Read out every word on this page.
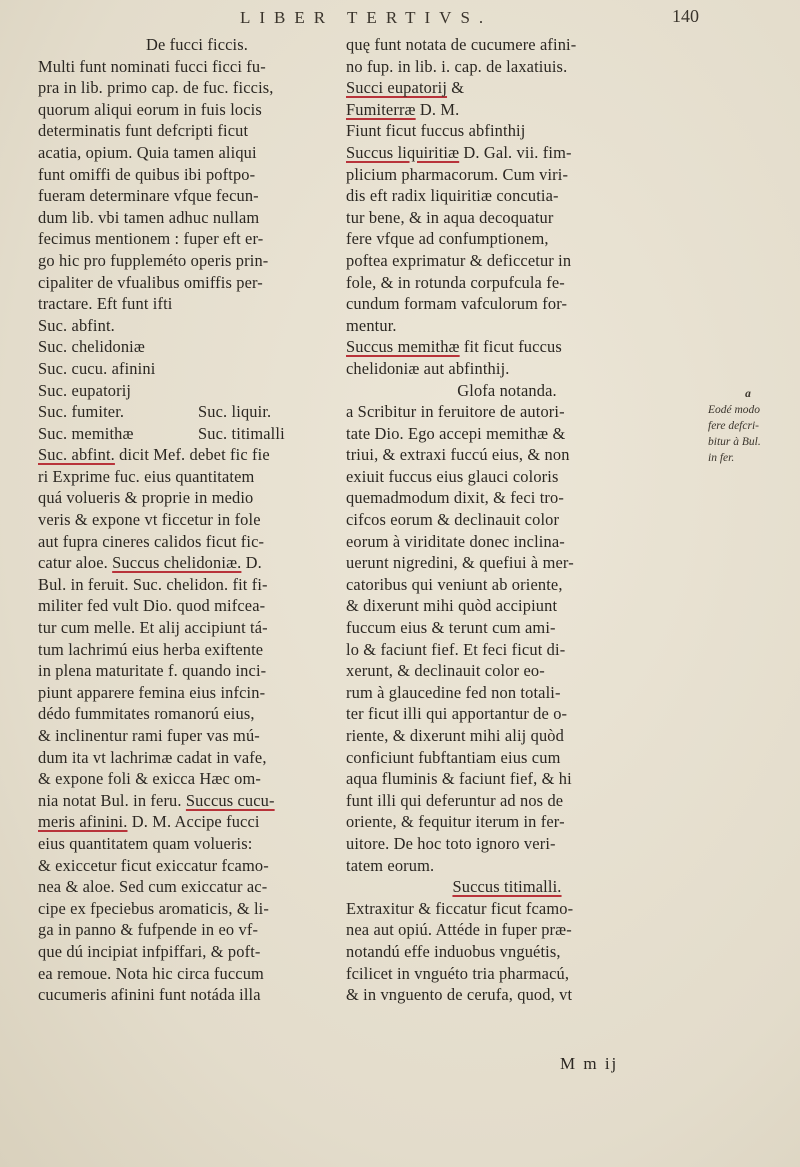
LIBER TERTIVS.	140
De fucci ficcis.
Multi funt nominati fucci ficci fu-
pra in lib. primo cap. de fuc. ficcis,
quorum aliqui eorum in fuis locis
determinatis funt defcripti ficut
acatia, opium. Quia tamen aliqui
funt omiffi de quibus ibi poftpo-
fueram determinare vfque fecun-
dum lib. vbi tamen adhuc nullam
fecimus mentionem : fuper eft er-
go hic pro fuppleméto operis prin-
cipaliter de vfualibus omiffis per-
tractare. Eft funt ifti
Suc. abfint.
Suc. chelidoniæ
Suc. cucu. afinini
Suc. eupatorij
Suc. fumiter.	Suc. liquir.
Suc. memithæ	Suc. titimalli
Suc. abfint. dicit Mef. debet fic fie
ri Exprime fuc. eius quantitatem
quá volueris & proprie in medio
veris & expone vt ficcetur in fole
aut fupra cineres calidos ficut fic-
catur aloe. Succus chelidoniæ. D.
Bul. in feruit. Suc. chelidon. fit fi-
militer fed vult Dio. quod mifcea-
tur cum melle. Et alij accipiunt tá-
tum lachrimú eius herba exiftente
in plena maturitate f. quando inci-
piunt apparere femina eius infcin-
dédo fummitates romanorú eius,
& inclinentur rami fuper vas mú-
dum ita vt lachrimæ cadat in vafe,
& expone foli & exicca Hæc om-
nia notat Bul. in feru. Succus cucu-
meris afinini. D. M. Accipe fucci
eius quantitatem quam volueris:
& exiccetur ficut exiccatur fcamo-
nea & aloe. Sed cum exiccatur ac-
cipe ex fpeciebus aromaticis, & li-
ga in panno & fufpende in eo vf-
que dú incipiat infpiffari, & poft-
ea remoue. Nota hic circa fuccum
cucumeris afinini funt notáda illa
quę funt notata de cucumere afini-
no fup. in lib. i. cap. de laxatiuis.
Succi eupatorij &
Fumiterræ D. M.
Fiunt ficut fuccus abfinthij
Succus liquiritiæ D. Gal. vii. fim-
plicium pharmacorum. Cum viri-
dis eft radix liquiritiæ concutia-
tur bene, & in aqua decoquatur
fere vfque ad confumptionem,
poftea exprimatur & deficcetur in
fole, & in rotunda corpufcula fe-
cundum formam vafculorum for-
mentur.
Succus memithæ fit ficut fuccus
chelidoniæ aut abfinthij.
Glofa notanda.
a Scribitur in feruitore de autori-
tate Dio. Ego accepi memithæ &
triui, & extraxi fuccú eius, & non
exiuit fuccus eius glauci coloris
quemadmodum dixit, & feci tro-
cifcos eorum & declinauit color
eorum à viriditate donec inclina-
uerunt nigredini, & quefiui à mer-
catoribus qui veniunt ab oriente,
& dixerunt mihi quòd accipiunt
fuccum eius & terunt cum ami-
lo & faciunt fief. Et feci ficut di-
xerunt, & declinauit color eo-
rum à glaucedine fed non totali-
ter ficut illi qui apportantur de o-
riente, & dixerunt mihi alij quòd
conficiunt fubftantiam eius cum
aqua fluminis & faciunt fief, & hi
funt illi qui deferuntur ad nos de
oriente, & fequitur iterum in fer-
uitore. De hoc toto ignoro veri-
tatem eorum.
Succus titimalli.
Extraxitur & ficcatur ficut fcamo-
nea aut opiú. Attéde in fuper præ-
notandú effe induobus vnguétis,
fcilicet in vnguéto tria pharmacú,
& in vnguento de cerufa, quod, vt
a
Eodé modo
fere defcri-
bitur à Bul.
in fer.
M m ij
